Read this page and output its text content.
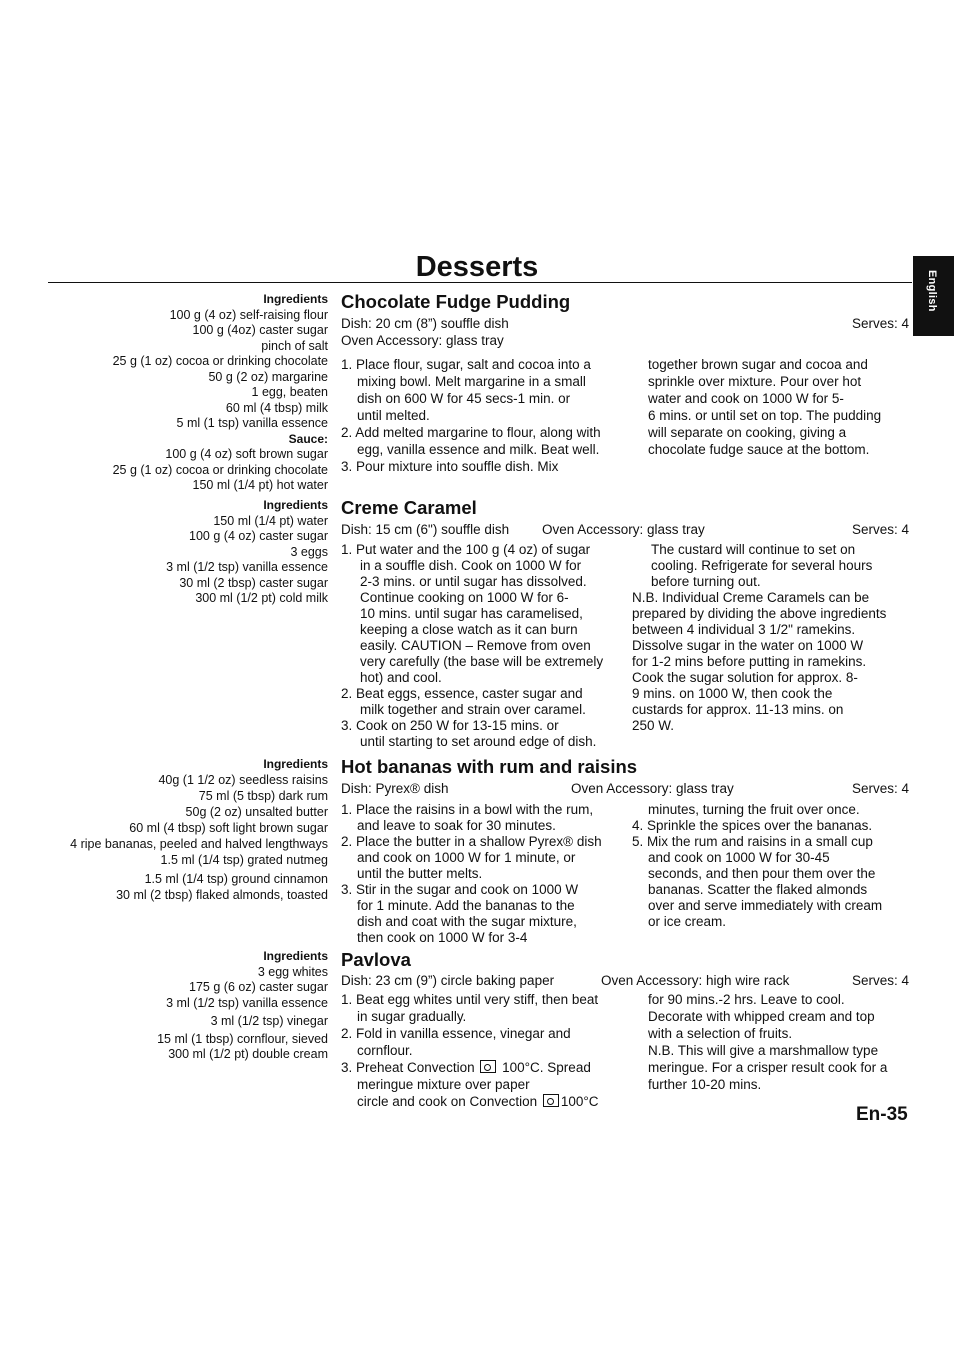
Desserts
English
Ingredients
100 g (4 oz) self-raising flour
100 g (4oz) caster sugar
pinch of salt
25 g (1 oz) cocoa or drinking chocolate
50 g (2 oz) margarine
1 egg, beaten
60 ml (4 tbsp) milk
5 ml (1 tsp) vanilla essence
Sauce:
100 g (4 oz) soft brown sugar
25 g (1 oz) cocoa or drinking chocolate
150 ml (1/4 pt) hot water
Chocolate Fudge Pudding
Dish: 20 cm (8”) souffle dish	Serves: 4
Oven Accessory: glass tray
1. Place flour, sugar, salt and cocoa into a
mixing bowl. Melt margarine in a small
dish on 600 W for 45 secs-1 min. or
until melted.
2. Add melted margarine to flour, along with
egg, vanilla essence and milk. Beat well.
3. Pour mixture into souffle dish. Mix
together brown sugar and cocoa and
sprinkle over mixture. Pour over hot
water and cook on 1000 W for 5-
6 mins. or until set on top. The pudding
will separate on cooking, giving a
chocolate fudge sauce at the bottom.
Ingredients
150 ml (1/4 pt) water
100 g (4 oz) caster sugar
3 eggs
3 ml (1/2 tsp) vanilla essence
30 ml (2 tbsp) caster sugar
300 ml (1/2 pt) cold milk
Creme Caramel
Dish: 15 cm (6") souffle dish Oven Accessory: glass tray	Serves: 4
1. Put water and the 100 g (4 oz) of sugar
in a souffle dish. Cook on 1000 W for
2-3 mins. or until sugar has dissolved.
Continue cooking on 1000 W for 6-
10 mins. until sugar has caramelised,
keeping a close watch as it can burn
easily. CAUTION – Remove from oven
very carefully (the base will be extremely
hot) and cool.
2. Beat eggs, essence, caster sugar and
milk together and strain over caramel.
3. Cook on 250 W for 13-15 mins. or
until starting to set around edge of dish.
The custard will continue to set on
cooling. Refrigerate for several hours
before turning out.
N.B. Individual Creme Caramels can be
prepared by dividing the above ingredients
between 4 individual 3 1/2" ramekins.
Dissolve sugar in the water on 1000 W
for 1-2 mins before putting in ramekins.
Cook the sugar solution for approx. 8-
9 mins. on 1000 W, then cook the
custards for approx. 11-13 mins. on
250 W.
Ingredients
40g (1 1/2 oz) seedless raisins
75 ml (5 tbsp) dark rum
50g (2 oz) unsalted butter
60 ml (4 tbsp) soft light brown sugar
4 ripe bananas, peeled and halved lengthways
1.5 ml (1/4 tsp) grated nutmeg
1.5 ml (1/4 tsp) ground cinnamon
30 ml (2 tbsp) flaked almonds, toasted
Hot bananas with rum and raisins
Dish: Pyrex® dish	Oven Accessory: glass tray	Serves: 4
1. Place the raisins in a bowl with the rum,
and leave to soak for 30 minutes.
2. Place the butter in a shallow Pyrex® dish
and cook on 1000 W for 1 minute, or
until the butter melts.
3. Stir in the sugar and cook on 1000 W
for 1 minute. Add the bananas to the
dish and coat with the sugar mixture,
then cook on 1000 W for 3-4
minutes, turning the fruit over once.
4. Sprinkle the spices over the bananas.
5. Mix the rum and raisins in a small cup
and cook on 1000 W for 30-45
seconds, and then pour them over the
bananas. Scatter the flaked almonds
over and serve immediately with cream
or ice cream.
Ingredients
3 egg whites
175 g (6 oz) caster sugar
3 ml (1/2 tsp) vanilla essence
3 ml (1/2 tsp) vinegar
15 ml (1 tbsp) cornflour, sieved
300 ml (1/2 pt) double cream
Pavlova
Dish: 23 cm (9”) circle baking paper	Oven Accessory: high wire rack	Serves: 4
1. Beat egg whites until very stiff, then beat
in sugar gradually.
2. Fold in vanilla essence, vinegar and
cornflour.
3. Preheat Convection 100°C. Spread
meringue mixture over paper
circle and cook on Convection 100°C
for 90 mins.-2 hrs. Leave to cool.
Decorate with whipped cream and top
with a selection of fruits.
N.B. This will give a marshmallow type
meringue. For a crisper result cook for a
further 10-20 mins.
En-35
